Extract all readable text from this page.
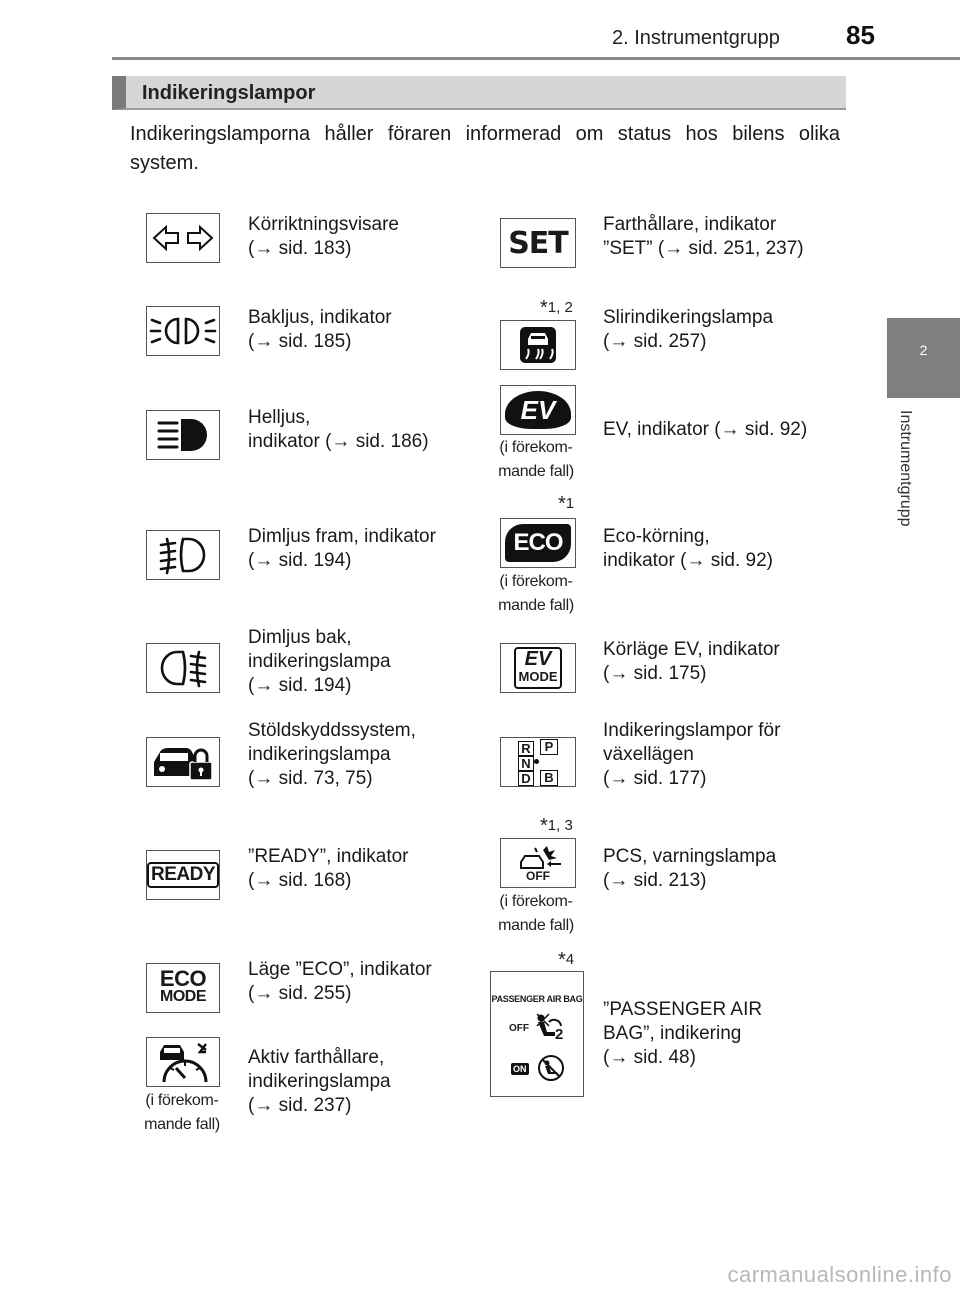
2. Instrumentgrupp	85
2
Instrumentgrupp
Indikeringslampor
Indikeringslamporna håller föraren informerad om status hos bilens olika system.
Körriktningsvisare
(→ sid. 183)
Bakljus, indikator
(→ sid. 185)
Helljus,
indikator (→ sid. 186)
Dimljus fram, indikator
(→ sid. 194)
Dimljus bak,
indikeringslampa
(→ sid. 194)
Stöldskyddssystem,
indikeringslampa
(→ sid. 73, 75)
READY
”READY”, indikator
(→ sid. 168)
ECO
MODE
Läge ”ECO”, indikator
(→ sid. 255)
(i förekom-
mande fall)
Aktiv farthållare,
indikeringslampa
(→ sid. 237)
SET
Farthållare, indikator
”SET” (→ sid. 251, 237)
*1, 2 Slirindikeringslampa
(→ sid. 257)
EV
(i förekom-
mande fall)
EV, indikator (→ sid. 92)
*1
ECO
(i förekom-
mande fall)
Eco-körning,
indikator (→ sid. 92)
EV
MODE
Körläge EV, indikator
(→ sid. 175)
R	P
N
D	B
Indikeringslampor för
växellägen
(→ sid. 177)
*1, 3
OFF
(i förekom-
mande fall)
PCS, varningslampa
(→ sid. 213)
*4
PASSENGER AIR BAG
OFF 2
ON
”PASSENGER AIR
BAG”, indikering
(→ sid. 48)
carmanualsonline.info
